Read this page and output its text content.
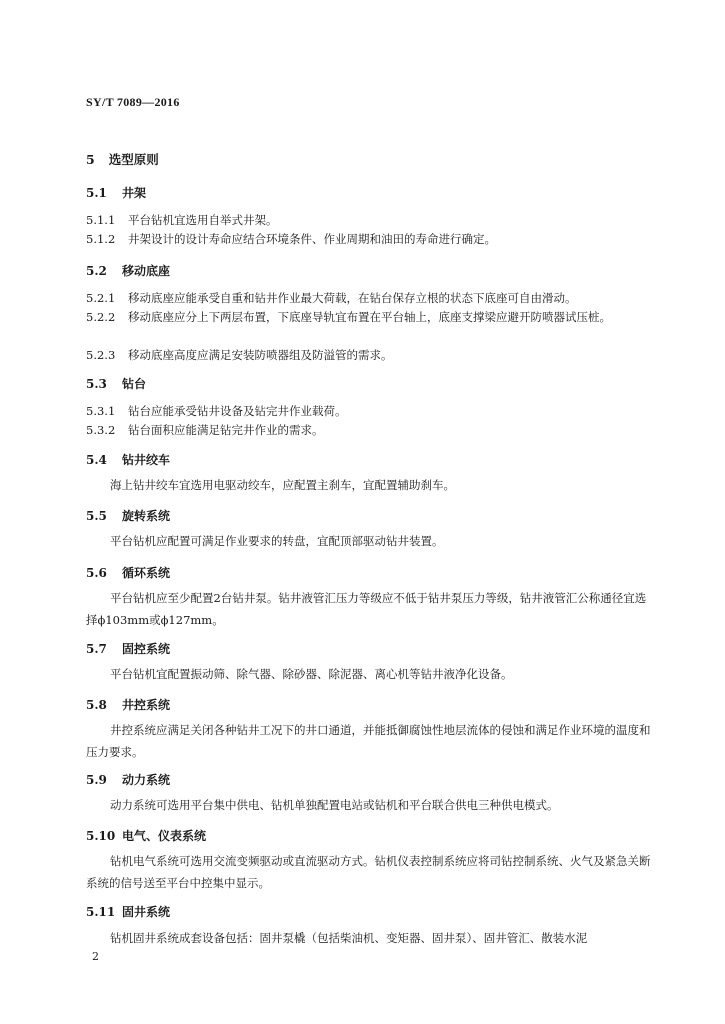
SY/T 7089—2016
5 选型原则
5.1 井架
5.1.1 平台钻机宜选用自举式井架。
5.1.2 井架设计的设计寿命应结合环境条件、作业周期和油田的寿命进行确定。
5.2 移动底座
5.2.1 移动底座应能承受自重和钻井作业最大荷载，在钻台保存立根的状态下底座可自由滑动。
5.2.2 移动底座应分上下两层布置，下底座导轨宜布置在平台轴上，底座支撑梁应避开防喷器试压桩。
5.2.3 移动底座高度应满足安装防喷器组及防溢管的需求。
5.3 钻台
5.3.1 钻台应能承受钻井设备及钻完井作业载荷。
5.3.2 钻台面积应能满足钻完井作业的需求。
5.4 钻井绞车
海上钻井绞车宜选用电驱动绞车，应配置主刹车，宜配置辅助刹车。
5.5 旋转系统
平台钻机应配置可满足作业要求的转盘，宜配顶部驱动钻井装置。
5.6 循环系统
平台钻机应至少配置2台钻井泵。钻井液管汇压力等级应不低于钻井泵压力等级，钻井液管汇公称通径宜选择ϕ103mm或ϕ127mm。
5.7 固控系统
平台钻机宜配置振动筛、除气器、除砂器、除泥器、离心机等钻井液净化设备。
5.8 井控系统
井控系统应满足关闭各种钻井工况下的井口通道，并能抵御腐蚀性地层流体的侵蚀和满足作业环境的温度和压力要求。
5.9 动力系统
动力系统可选用平台集中供电、钻机单独配置电站或钻机和平台联合供电三种供电模式。
5.10 电气、仪表系统
钻机电气系统可选用交流变频驱动或直流驱动方式。钻机仪表控制系统应将司钻控制系统、火气及紧急关断系统的信号送至平台中控集中显示。
5.11 固井系统
钻机固井系统成套设备包括：固井泵橇（包括柴油机、变矩器、固井泵）、固井管汇、散装水泥
2
